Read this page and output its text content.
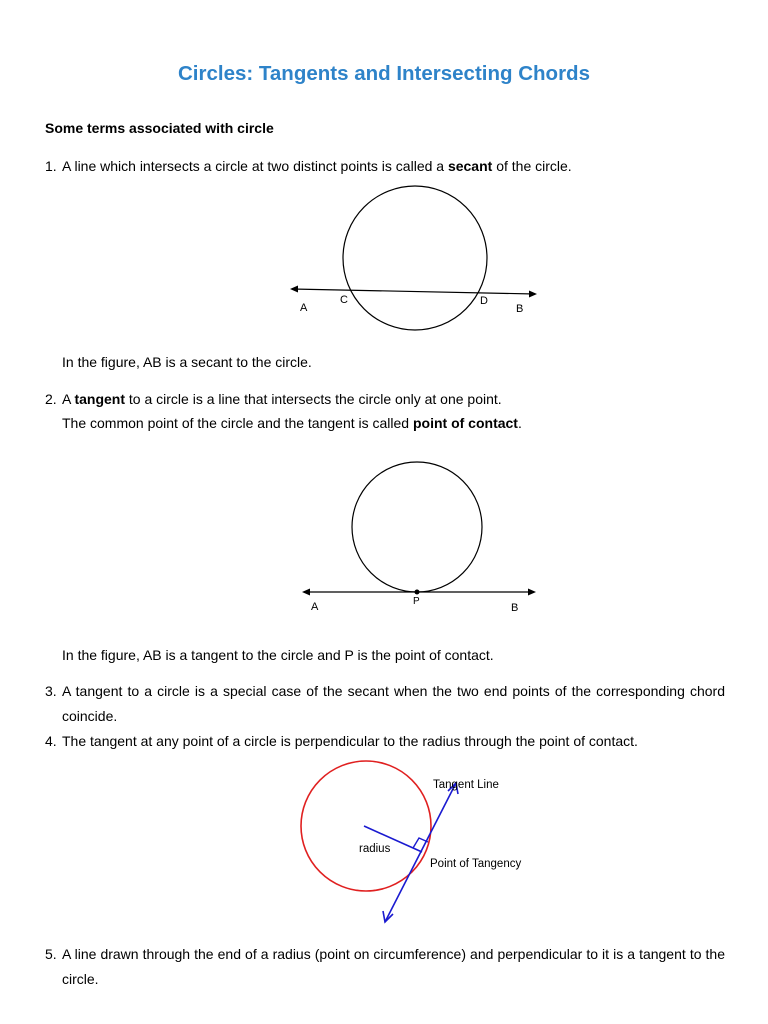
Circles: Tangents and Intersecting Chords
Some terms associated with circle
1. A line which intersects a circle at two distinct points is called a secant of the circle.
A
C	D
B
In the figure, AB is a secant to the circle.
2. A tangent to a circle is a line that intersects the circle only at one point.
The common point of the circle and the tangent is called point of contact.
A	P
B
In the figure, AB is a tangent to the circle and P is the point of contact.
3. A tangent to a circle is a special case of the secant when the two end points of the corresponding chord coincide.
4. The tangent at any point of a circle is perpendicular to the radius through the point of contact.
Tangent Line
radius
Point of Tangency
5. A line drawn through the end of a radius (point on circumference) and perpendicular to it is a tangent to the circle.
